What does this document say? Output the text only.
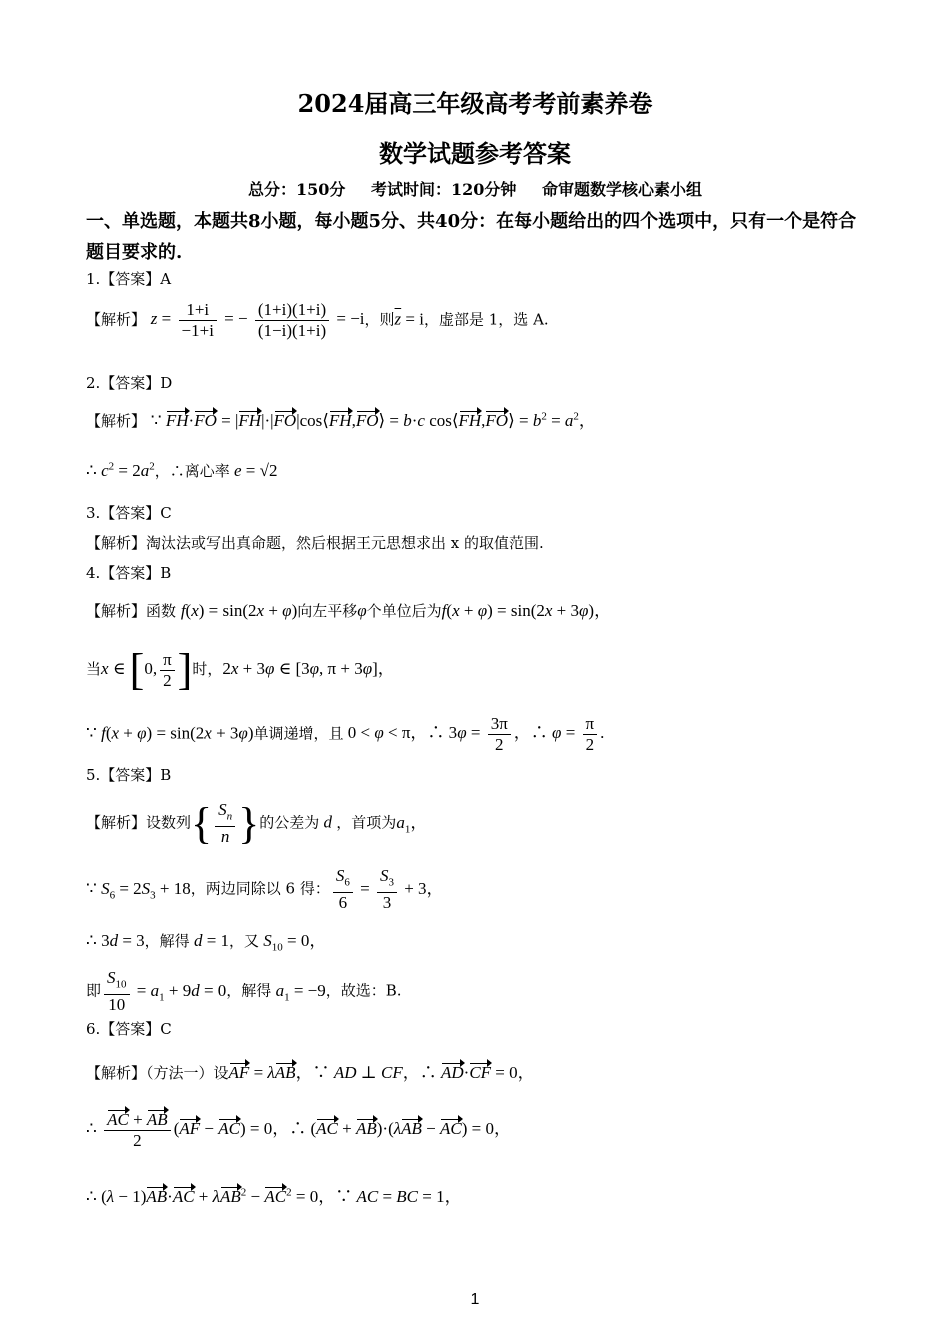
2024届高三年级高考考前素养卷
数学试题参考答案
总分：150分 考试时间：120分钟 命审题数学核心素小组
一、单选题，本题共8小题，每小题5分、共40分：在每小题给出的四个选项中，只有一个是符合题目要求的.
1.【答案】A
【解析】 $z = \frac{1+i}{-1+i}$ = − $\frac{(1+i)(1+i)}{(1-i)(1+i)} = -i$，则$\overline{z} = i$，虚部是 1，选 A.
2.【答案】D
【解析】 ∵ FH·FO = |FH|·|FO|cos⟨FH,FO⟩ = b·c cos⟨FH,FO⟩ = $b^2 = a^2$，
∴ $c^2 = 2a^2$，∴离心率 e = √2
3.【答案】C
【解析】淘汰法或写出真命题，然后根据王元思想求出 x 的取值范围.
4.【答案】B
【解析】函数 f(x) = sin(2x + φ)向左平移φ个单位后为f(x + φ) = sin(2x + 3φ)，
当x ∈ [0, $\frac{\pi}{2}$ ]时，2x + 3φ ∈ [3φ, π + 3φ]，
∵ f(x + φ) = sin(2x + 3φ)单调递增，且 0 < φ < π，∴ $3\varphi = \frac{3\pi}{2}$ ，∴ $\varphi = \frac{\pi}{2}$ .
5.【答案】B
【解析】设数列{ $\frac{S_n}{n}$ }的公差为 d ，首项为$a_1$，
∵ $S_6 = 2S_3 + 18$，两边同除以 6 得： $\frac{S_6}{6} = \frac{S_3}{3} + 3$，
∴ 3d = 3，解得 d = 1，又 $S_{10} = 0$，
即 $\frac{S_{10}}{10} = a_1 + 9d = 0$，解得 $a_1 = -9$，故选：B.
6.【答案】C
【解析】（方法一）设AF = λAB，∵ AD ⊥ CF，∴ AD·CF = 0，
∴ $\frac{AC + AB}{2} (AF - AC) = 0$，∴ (AC + AB)·(λAB − AC) = 0，
∴ $(\lambda - 1)AB\cdot AC + \lambda AB^2 - AC^2 = 0$，∵ AC = BC = 1，
1
